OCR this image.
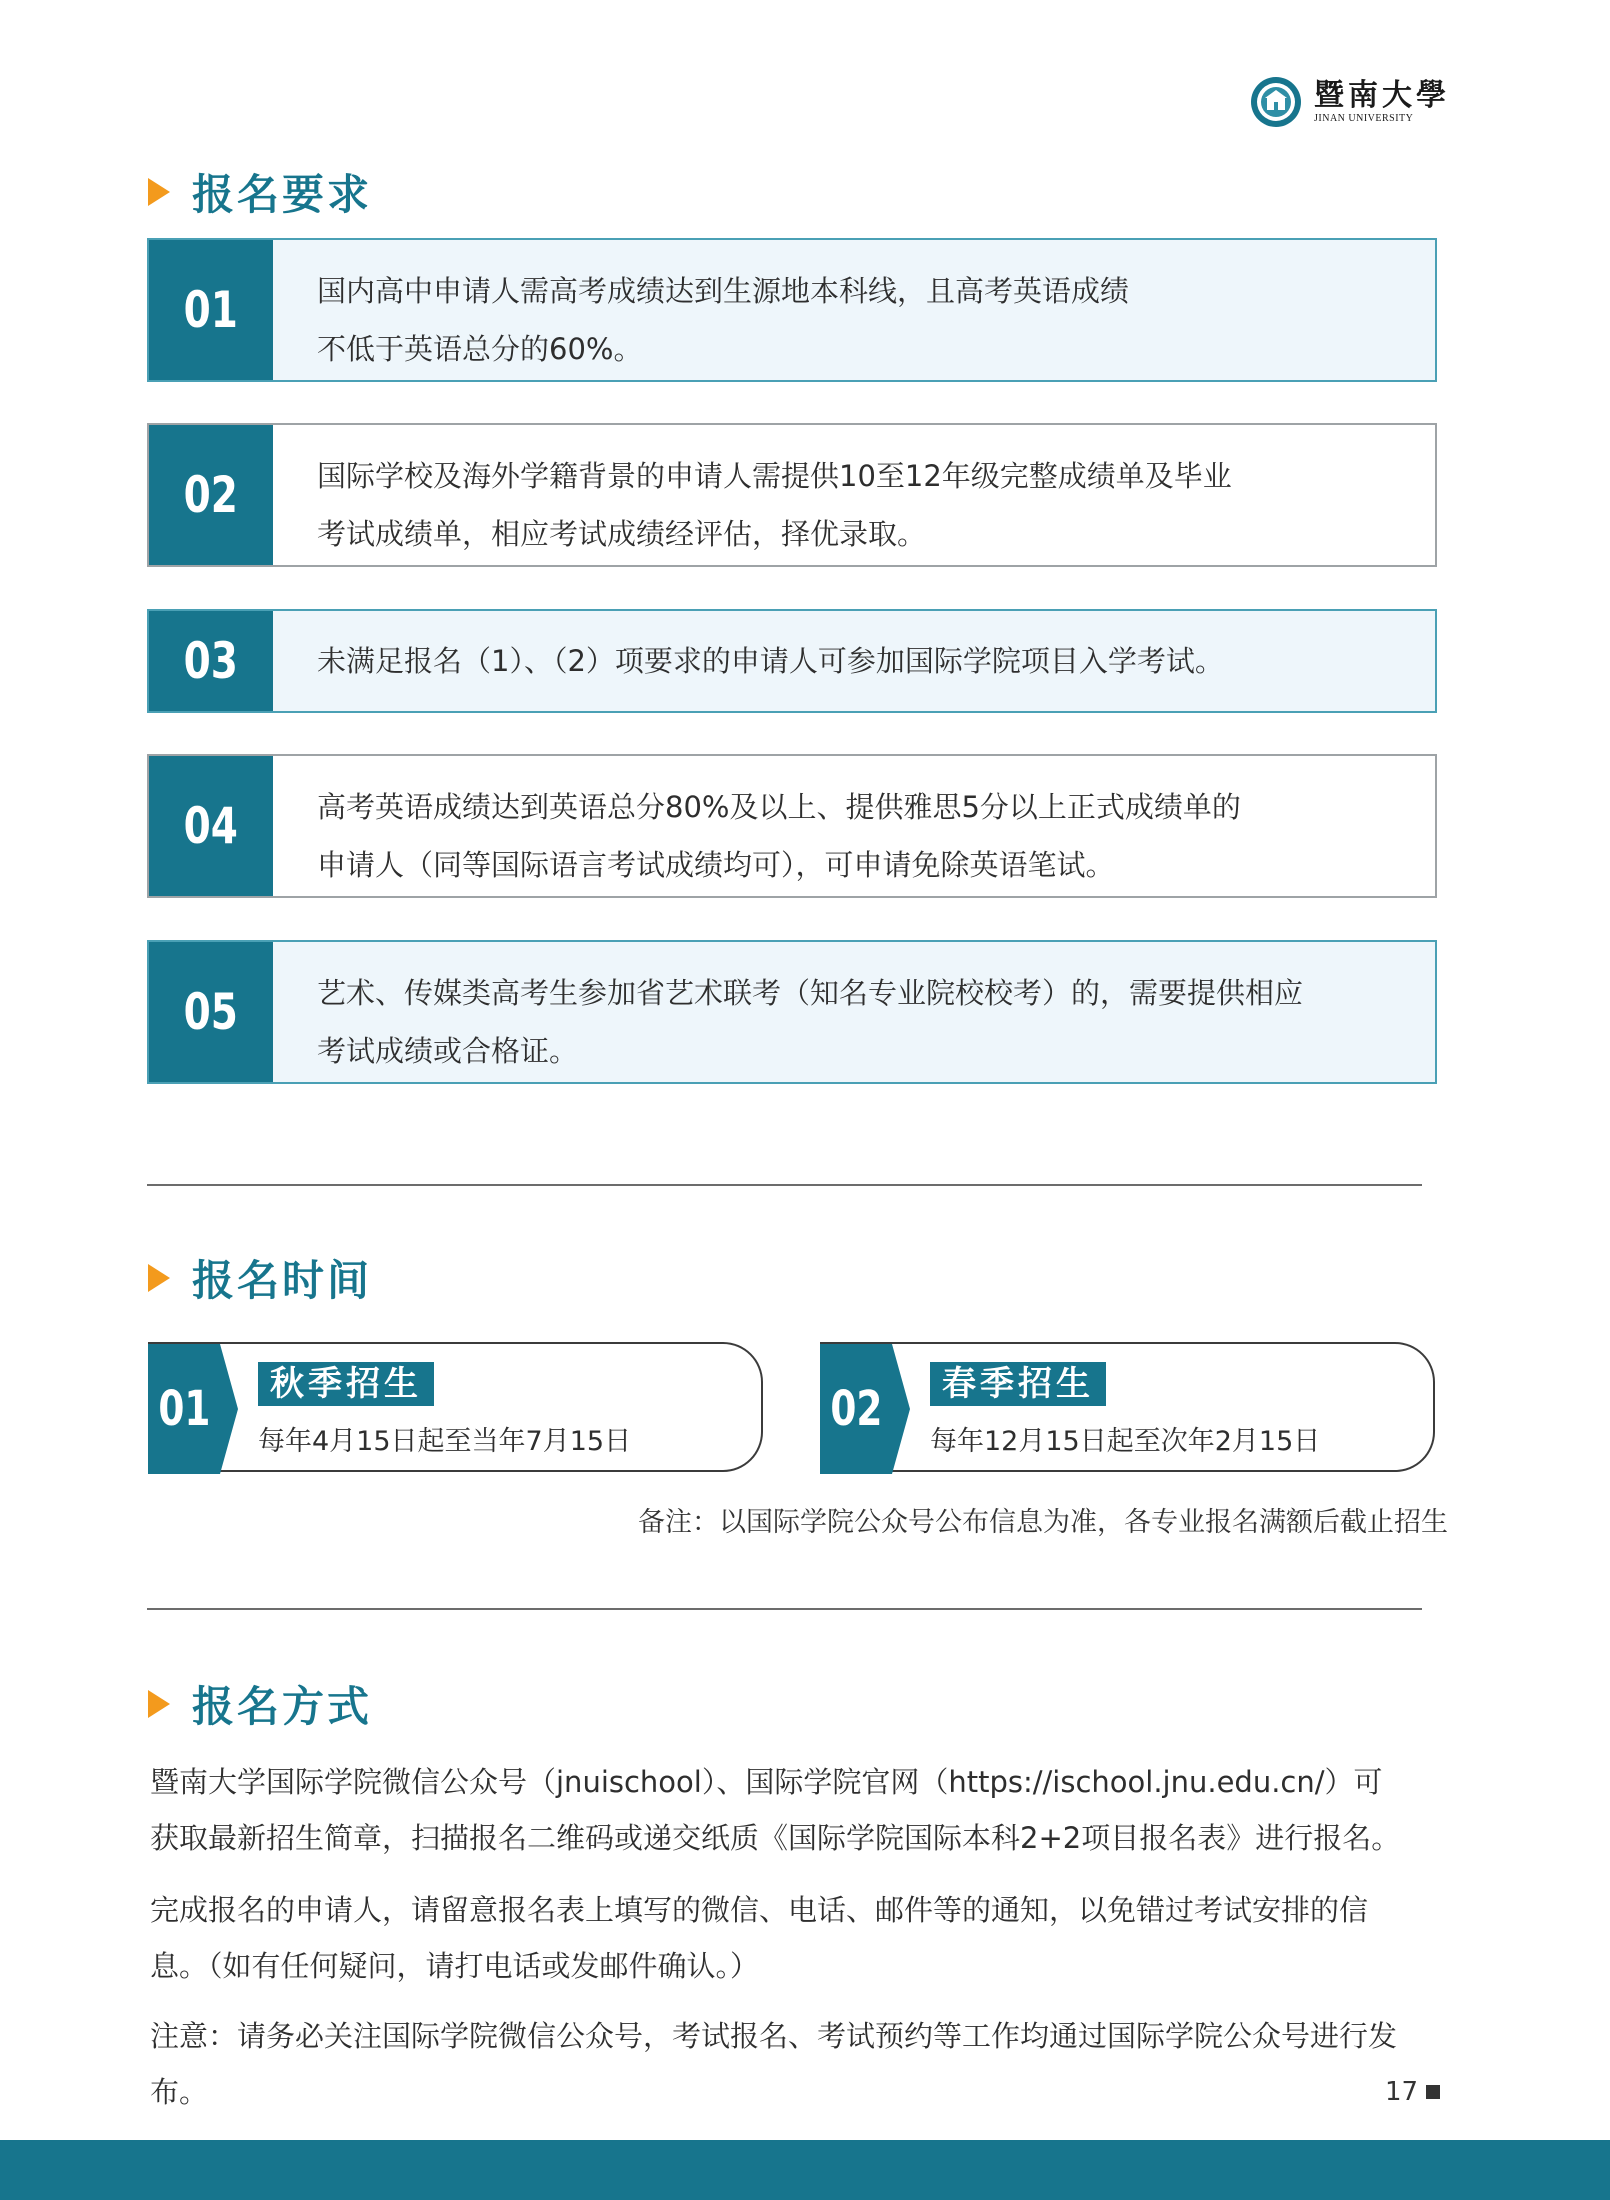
暨南大學
JINAN UNIVERSITY
报名要求
01	国内高中申请人需高考成绩达到生源地本科线，且高考英语成绩
不低于英语总分的60%。
02	国际学校及海外学籍背景的申请人需提供10至12年级完整成绩单及毕业
考试成绩单，相应考试成绩经评估，择优录取。
03	未满足报名（1）、（2）项要求的申请人可参加国际学院项目入学考试。
04	高考英语成绩达到英语总分80%及以上、提供雅思5分以上正式成绩单的
申请人（同等国际语言考试成绩均可），可申请免除英语笔试。
05	艺术、传媒类高考生参加省艺术联考（知名专业院校校考）的，需要提供相应
考试成绩或合格证。
报名时间
01	秋季招生
每年4月15日起至当年7月15日
02	春季招生
每年12月15日起至次年2月15日
备注：以国际学院公众号公布信息为准，各专业报名满额后截止招生
报名方式

暨南大学国际学院微信公众号（jnuischool）、国际学院官网（https://ischool.jnu.edu.cn/）可

获取最新招生简章，扫描报名二维码或递交纸质《国际学院国际本科2+2项目报名表》进行报名。

完成报名的申请人，请留意报名表上填写的微信、电话、邮件等的通知，以免错过考试安排的信

息。（如有任何疑问，请打电话或发邮件确认。）

注意：请务必关注国际学院微信公众号，考试报名、考试预约等工作均通过国际学院公众号进行发布。	17
